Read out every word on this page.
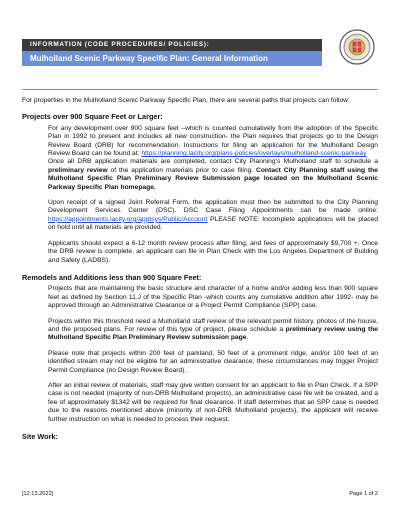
INFORMATION (CODE PROCEDURES/ POLICIES):
Mulholland Scenic Parkway Specific Plan: General Information

For properties in the Mulholland Scenic Parkway Specific Plan, there are several paths that projects can follow:

Projects over 900 Square Feet or Larger:

For any development over 900 square feet –which is counted cumulatively from the adoption of the Specific Plan in 1992 to present and includes all new construction- the Plan requires that projects go to the Design Review Board (DRB) for recommendation. Instructions for filing an application for the Mulholland Design Review Board can be found at: https://planning.lacity.org/plans-policies/overlays/mulholland-scenic-parkway

Once all DRB application materials are completed, contact City Planning’s Mulholland staff to schedule a preliminary review of the application materials prior to case filing. Contact City Planning staff using the Mulholland Specific Plan Preliminary Review Submission page located on the Mulholland Scenic Parkway Specific Plan homepage.

Upon receipt of a signed Joint Referral Form, the application must then be submitted to the City Planning Development Services Center (DSC). DSC Case Filing Appointments can be made online: https://appointments.lacity.org/apptsys/Public/Account PLEASE NOTE: Incomplete applications will be placed on hold until all materials are provided.

Applicants should expect a 6-12 month review process after filing, and fees of approximately $9,700 +. Once the DRB review is complete, an applicant can file in Plan Check with the Los Angeles Department of Building and Safety (LADBS).

Remodels and Additions less than 900 Square Feet:

Projects that are maintaining the basic structure and character of a home and/or adding less than 900 square feet as defined by Section 11.J of the Specific Plan -which counts any cumulative addition after 1992- may be approved through an Administrative Clearance or a Project Permit Compliance (SPP) case.

Projects within this threshold need a Mulholland staff review of the relevant permit history, photos of the house, and the proposed plans. For review of this type of project, please schedule a preliminary review using the Mulholland Specific Plan Preliminary Review submission page.

Please note that projects within 200 feet of parkland, 50 feet of a prominent ridge, and/or 100 feet of an identified stream may not be eligible for an administrative clearance; these circumstances may trigger Project Permit Compliance (no Design Review Board).

After an initial review of materials, staff may give written consent for an applicant to file in Plan Check. If a SPP case is not needed (majority of non-DRB Mulholland projects), an administrative case file will be created, and a fee of approximately $1342 will be required for final clearance. If staff determines that an SPP case is needed due to the reasons mentioned above (minority of non-DRB Mulholland projects), the applicant will receive further instruction on what is needed to process their request.

Site Work:

[12.13.2022]	Page 1 of 2
